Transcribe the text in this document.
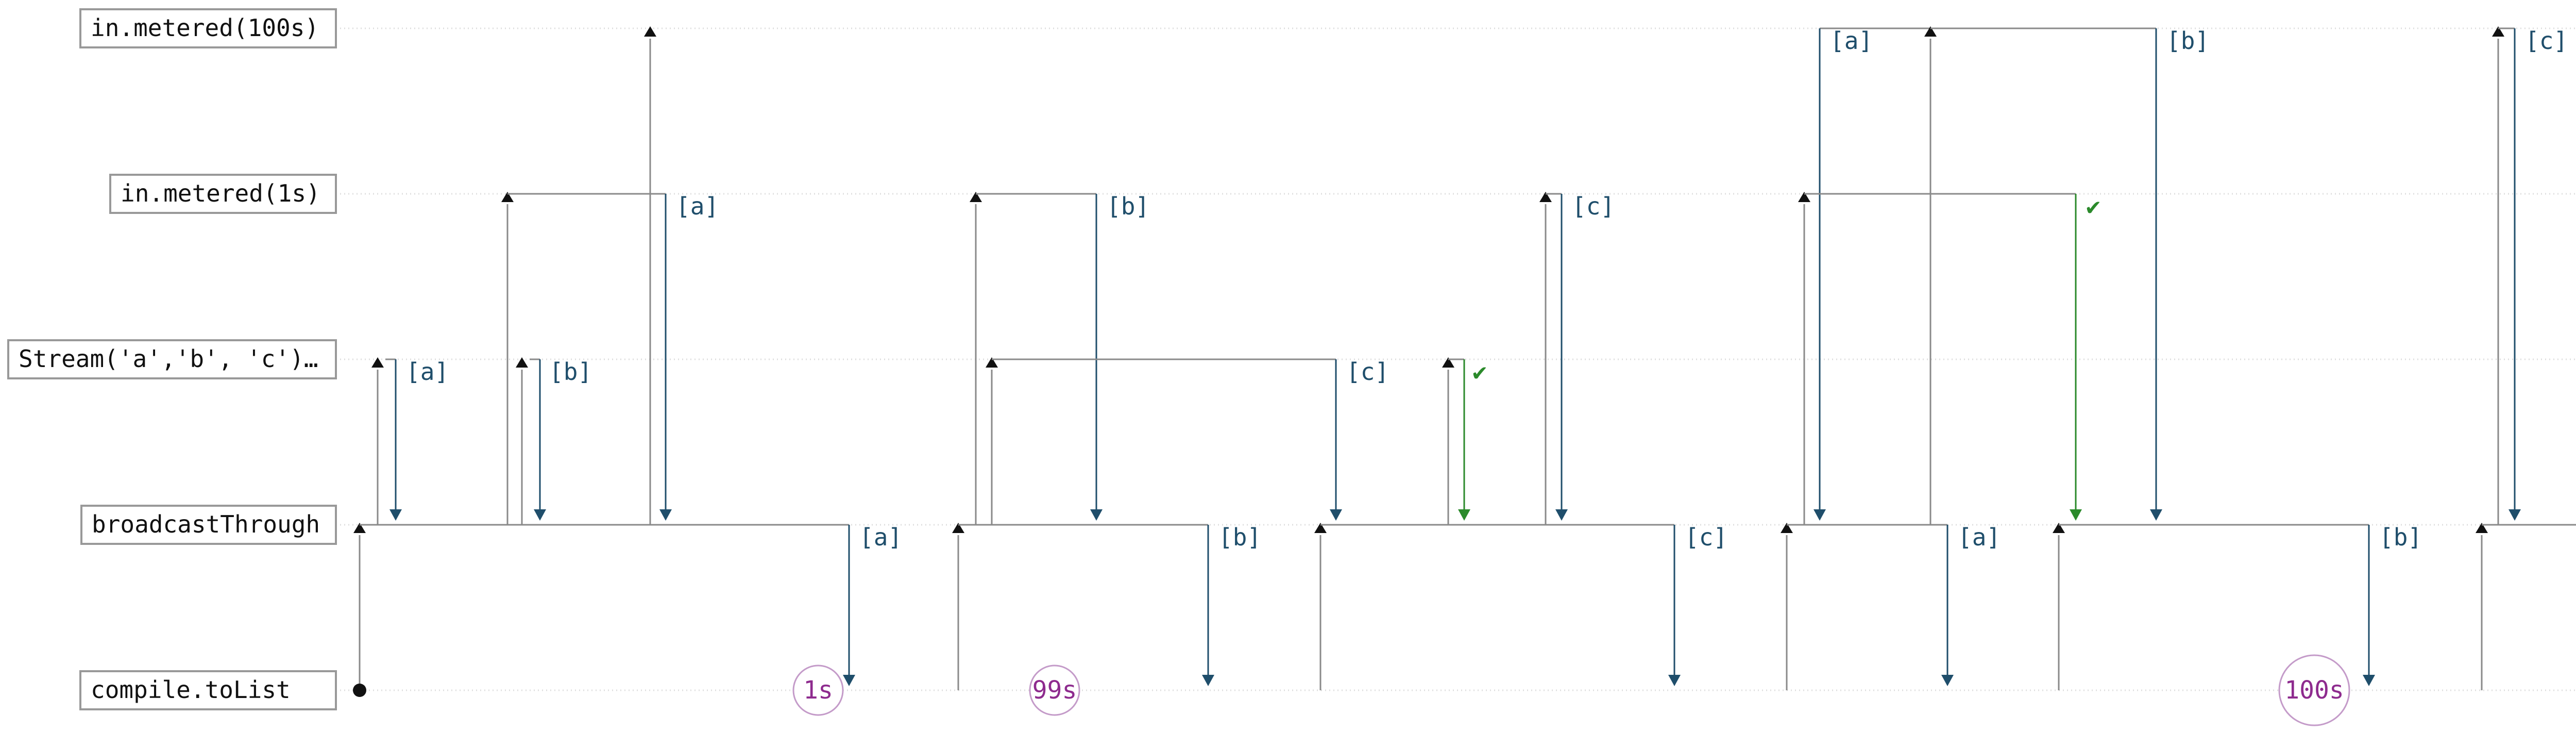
in.metered(100s)
in.metered(1s)
Stream('a','b', 'c')…
broadcastThrough
compile.toList
[a]	[b]
[a]
[a]
[b]
[b]
[c]	✔
[c]
[c]
[a]
[a]
✔
[b]
[b]
[c]
1s	99s	100s
